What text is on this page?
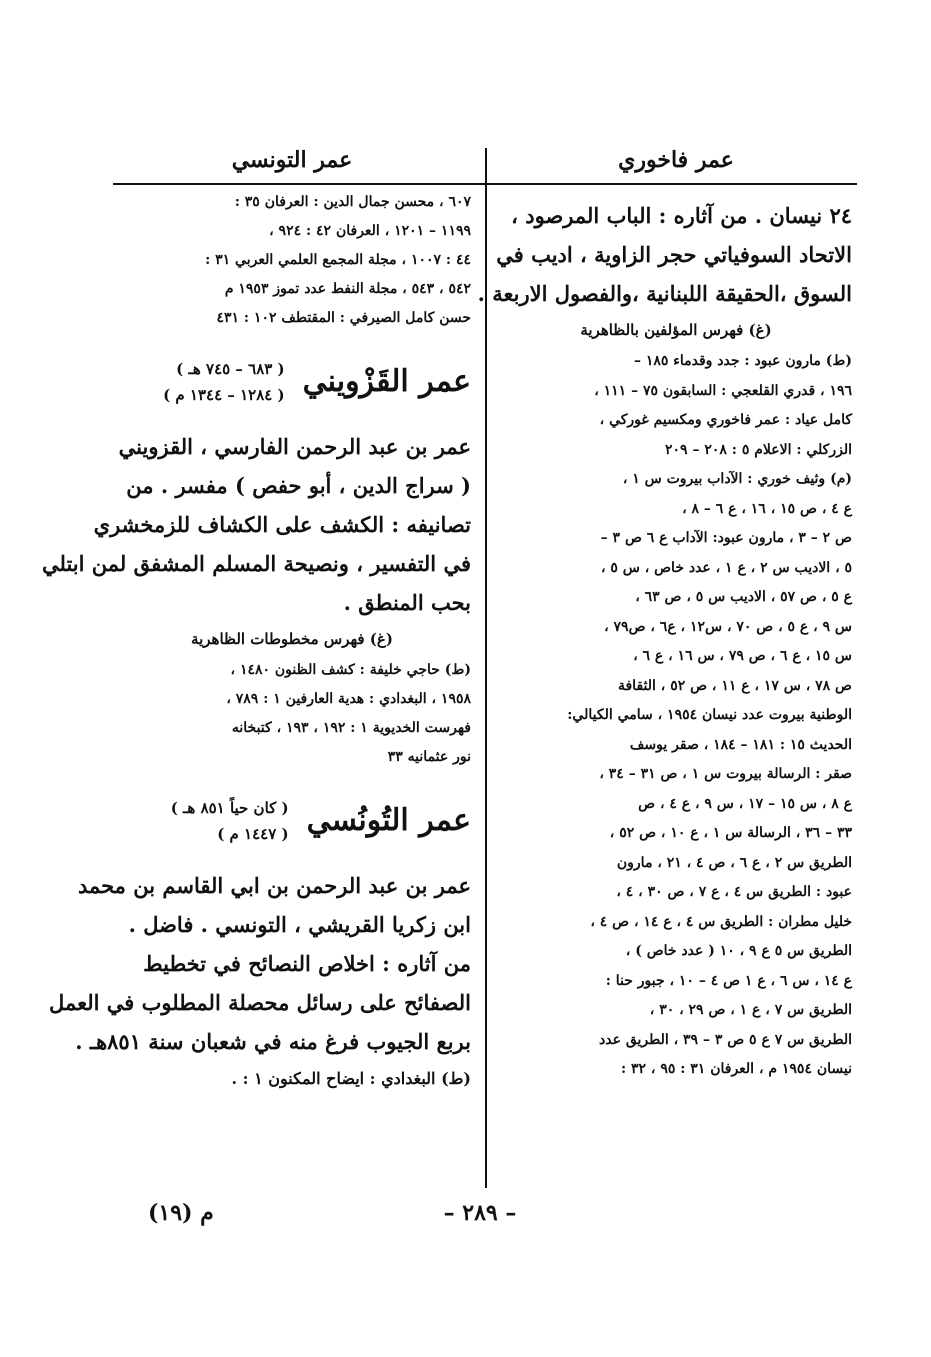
عمر فاخوري

٢٤ نيسان . من آثاره : الباب المرصود ،

الاتحاد السوفياتي حجر الزاوية ، اديب في

السوق ،الحقيقة اللبنانية ،والفصول الاربعة .

(غ) فهرس المؤلفين بالظاهرية

(ط) مارون عبود : جدد وقدماء ١٨٥ –

١٩٦ ، قدري القلعجي : السابقون ٧٥ – ١١١ ،

كامل عياد : عمر فاخوري ومكسيم غوركي ،

الزركلي : الاعلام ٥ : ٢٠٨ – ٢٠٩

(م) وثيف خوري : الآداب بيروت س ١ ،

ع ٤ ، ص ١٥ ، ١٦ ، ع ٦ – ٨ ،

ص ٢ – ٣ ، مارون عبود: الآداب ع ٦ ص ٣ –

٥ ، الاديب س ٢ ، ع ١ ، عدد خاص ، س ٥ ،

ع ٥ ، ص ٥٧ ، الاديب س ٥ ، ص ٦٣ ،

س ٩ ، ع ٥ ، ص ٧٠ ، س١٢ ، ع٦ ، ص٧٩ ،

س ١٥ ، ع ٦ ، ص ٧٩ ، س ١٦ ، ع ٦ ،

ص ٧٨ ، س ١٧ ، ع ١١ ، ص ٥٢ ، الثقافة

الوطنية بيروت عدد نيسان ١٩٥٤ ، سامي الكيالي:

الحديث ١٥ : ١٨١ – ١٨٤ ، صقر يوسف

صقر : الرسالة بيروت س ١ ، ص ٣١ – ٣٤ ،

ع ٨ ، س ١٥ – ١٧ ، س ٩ ، ع ٤ ، ص

٣٣ – ٣٦ ، الرسالة س ١ ، ع ١٠ ، ص ٥٢ ،

الطريق س ٢ ، ع ٦ ، ص ٤ ، ٢١ ، مارون

عبود : الطريق س ٤ ، ع ٧ ، ص ٣٠ ، ٤ ،

خليل مطران : الطريق س ٤ ، ع ١٤ ، ص ٤ ،

الطريق س ٥ ع ٩ ، ١٠ ( عدد خاص ) ،

ع ١٤ ، س ٦ ، ع ١ ص ٤ – ١٠ ، جبور حنا :

الطريق س ٧ ، ع ١ ، ص ٢٩ ، ٣٠ ،

الطريق س ٧ ع ٥ ص ٣ – ٣٩ ، الطريق عدد

نيسان ١٩٥٤ م ، العرفان ٣١ : ٩٥ ، ٣٢ :

عمر التونسي

٦٠٧ ، محسن جمال الدين : العرفان ٣٥ :

١١٩٩ – ١٢٠١ ، العرفان ٤٢ : ٩٢٤ ،

٤٤ : ١٠٠٧ ، مجلة المجمع العلمي العربي ٣١ :

٥٤٢ ، ٥٤٣ ، مجلة النفط عدد تموز ١٩٥٣ م

حسن كامل الصيرفي : المقتطف ١٠٢ : ٤٣١

عمر القَزْويني
( ٦٨٣ – ٧٤٥ هـ )
( ١٢٨٤ – ١٣٤٤ م )

عمر بن عبد الرحمن الفارسي ، القزويني

( سراج الدين ، أبو حفص ) مفسر . من

تصانيفه : الكشف على الكشاف للزمخشري

في التفسير ، ونصيحة المسلم المشفق لمن ابتلي

بحب المنطق .

(غ) فهرس مخطوطات الظاهرية

(ط) حاجي خليفة : كشف الظنون ١٤٨٠ ،

١٩٥٨ ، البغدادي : هدية العارفين ١ : ٧٨٩ ،

فهرست الخديوية ١ : ١٩٢ ، ١٩٣ ، كتبخانه

نور عثمانيه ٣٣

عمر التُونُسي
( كان حياً ٨٥١ هـ )
( ١٤٤٧ م )

عمر بن عبد الرحمن بن ابي القاسم بن محمد

ابن زكريا القريشي ، التونسي . فاضل .

من آثاره : اخلاص النصائح في تخطيط

الصفائح على رسائل محصلة المطلوب في العمل

بربع الجيوب فرغ منه في شعبان سنة ٨٥١هـ .

(ط) البغدادي : ايضاح المكنون ١ : .

– ٢٨٩ –
م (١٩)
